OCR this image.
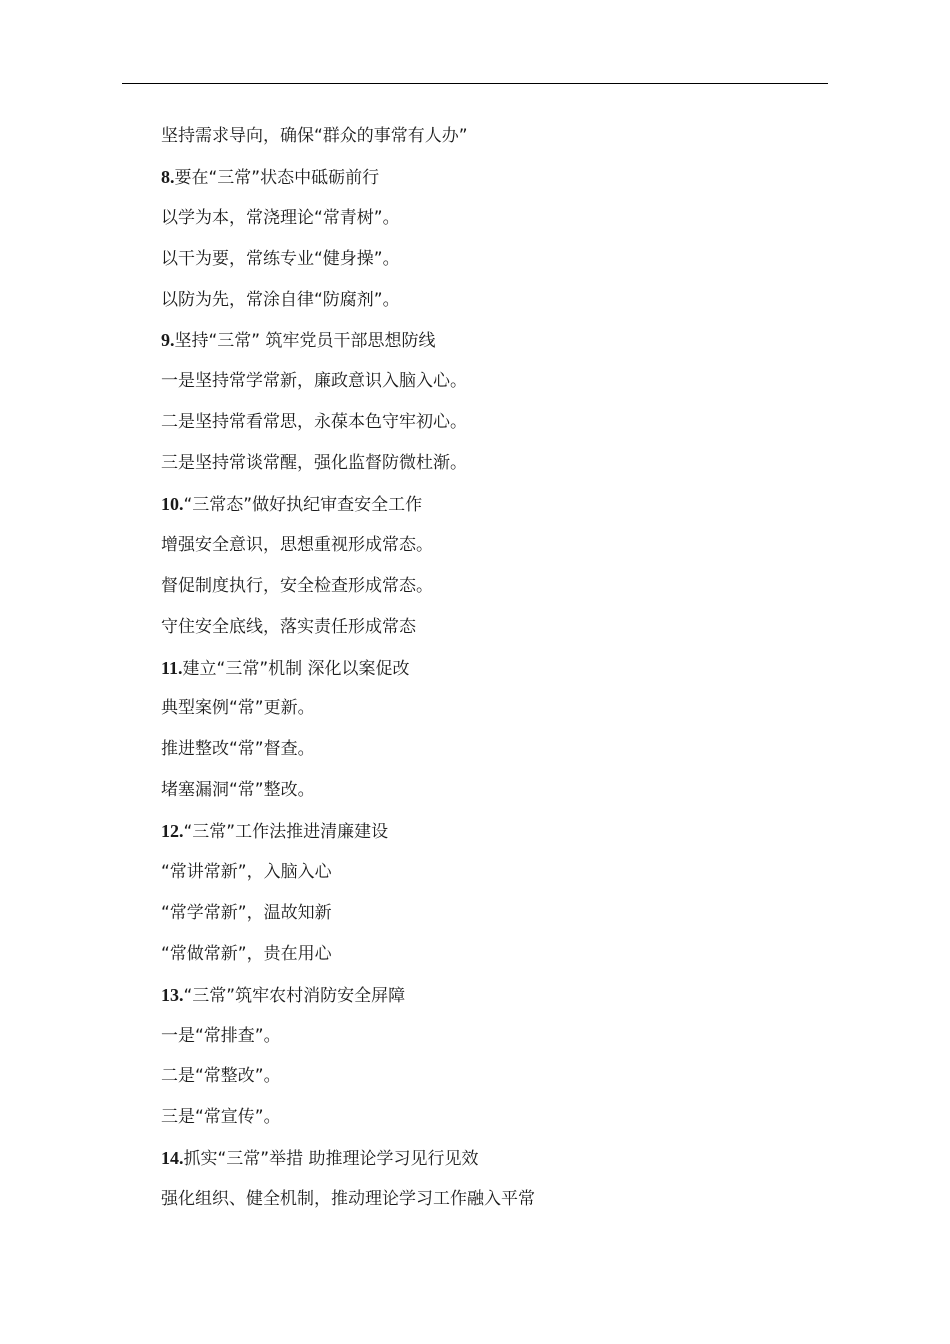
坚持需求导向，确保“群众的事常有人办”
8.要在“三常”状态中砥砺前行
以学为本，常浇理论“常青树”。
以干为要，常练专业“健身操”。
以防为先，常涂自律“防腐剂”。
9.坚持“三常” 筑牢党员干部思想防线
一是坚持常学常新，廉政意识入脑入心。
二是坚持常看常思，永葆本色守牢初心。
三是坚持常谈常醒，强化监督防微杜渐。
10.“三常态”做好执纪审查安全工作
增强安全意识，思想重视形成常态。
督促制度执行，安全检查形成常态。
守住安全底线，落实责任形成常态
11.建立“三常”机制 深化以案促改
典型案例“常”更新。
推进整改“常”督查。
堵塞漏洞“常”整改。
12.“三常”工作法推进清廉建设
“常讲常新”，入脑入心
“常学常新”，温故知新
“常做常新”，贵在用心
13.“三常”筑牢农村消防安全屏障
一是“常排查”。
二是“常整改”。
三是“常宣传”。
14.抓实“三常”举措 助推理论学习见行见效
强化组织、健全机制，推动理论学习工作融入平常
